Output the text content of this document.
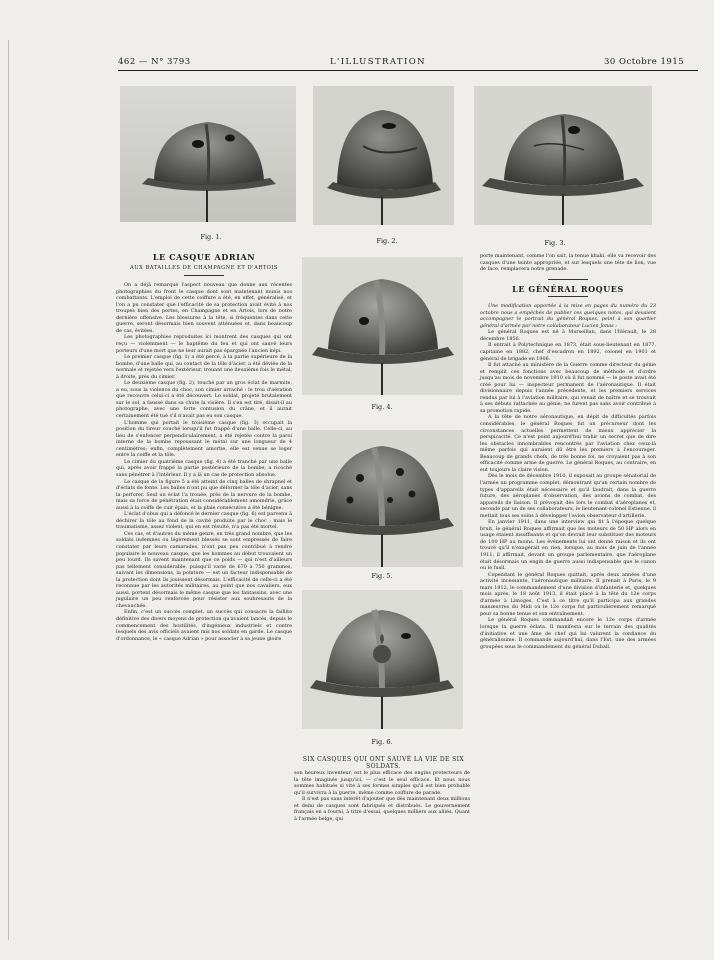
462 — N° 3793	L'ILLUSTRATION	30 Octobre 1915
Fig. 1.	Fig. 2.	Fig. 3.
Fig. 4.
Fig. 5.
Fig. 6.
SIX CASQUES QUI ONT SAUVÉ LA VIE DE SIX SOLDATS.
LE CASQUE ADRIAN
AUX BATAILLES DE CHAMPAGNE ET D'ARTOIS

On a déjà remarqué l'aspect nouveau que donne aux récentes photographies du front le casque dont sont maintenant munis nos combattants. L'emploi de cette coiffure a été, en effet, généralisé, et l'on a pu constater que l'efficacité de sa protection avait évité à nos troupes bien des pertes, en Champagne et en Artois, lors de notre dernière offensive. Les blessures à la tête, si fréquentes dans cette guerre, seront désormais bien souvent atténuées et, dans beaucoup de cas, évitées.

Les photographies reproduites ici montrent des casques qui ont reçu — violemment — le baptême du feu et qui ont sauvé leurs porteurs d'une mort que ne leur aurait pas épargnée l'ancien képi.

Le premier casque (fig. 1) a été percé, à la partie supérieure de la bombe, d'une balle qui, au contact de la tôle d'acier, a été déviée de la normale et rejetée vers l'extérieur, trouant une deuxième fois le métal, à droite, près du cimier.

Le deuxième casque (fig. 2), touché par un gros éclat de marmite, a eu, sous la violence du choc, son cimier arraché : le trou d'aération que recouvre celui-ci a été découvert. Le soldat, projeté brutalement sur le sol, a faussé dans sa chute la visière. Il s'en est tiré, disait-il au photographe, avec une forte contusion du crâne, et il aurait certainement été tué s'il n'avait pas eu son casque.

L'homme qui portait le troisième casque (fig. 3) occupait la position du tireur couché lorsqu'il fut frappé d'une balle. Celle-ci, au lieu de s'enfoncer perpendiculairement, a été rejetée contre la paroi interne de la bombe repoussant le métal sur une longueur de 4 centimètres; enfin, complètement amortie, elle est venue se loger entre la coiffe et la tôle.

Le cimier du quatrième casque (fig. 4) a été tranché par une balle qui, après avoir frappé la partie postérieure de la bombe, a ricoché sans pénétrer à l'intérieur. Il y a là un cas de protection absolue.

Le casque de la figure 5 a été atteint de cinq balles de shrapnel et d'éclats de fonte. Les balles n'ont pu que déformer la tôle d'acier, sans la perforer. Seul un éclat l'a trouée, près de la nervure de la bombe, mais sa force de pénétration était considérablement amoindrie, grâce aussi à la coiffe de cuir épais, et la plaie consécutive a été bénigne.

L'éclat d'obus qui a défoncé le dernier casque (fig. 6) est parvenu à déchirer la tôle au fond de la cavité produite par le choc ; mais le traumatisme, assez violent, qui en est résulté, n'a pas été mortel.

Ces cas, et d'autres du même genre, en très grand nombre, que les soldats indemnes ou légèrement blessés se sont empressés de faire constater par leurs camarades, n'ont pas peu contribué à rendre populaire le nouveau casque, que les hommes au début trouvaient un peu lourd. Ils savent maintenant que ce poids — qui n'est d'ailleurs pas tellement considérable, puisqu'il varie de 670 à 750 grammes, suivant les dimensions, la pointure — est un facteur indispensable de la protection dont ils jouissent désormais. L'efficacité de celle-ci a été reconnue par les autorités militaires, au point que nos cavaliers, eux aussi, portent désormais le même casque que les fantassins, avec une jugulaire un peu renforcée pour résister aux soubresauts de la chevauchée.

Enfin, c'est un succès complet, un succès qui consacre la faillite définitive des divers moyens de protection qu'avaient lancés, depuis le commencement des hostilités, d'ingénieux industriels et contre lesquels des avis officiels avaient mis nos soldats en garde. Le casque d'ordonnance, le « casque Adrian » pour associer à sa jeune gloire

son heureux inventeur, est le plus efficace des engins protecteurs de la tête imaginés jusqu'ici, — c'est le seul efficace. Et nous nous sommes habitués si vite à ses formes simples qu'il est bien probable qu'il survivra à la guerre, même comme coiffure de parade.

Il n'est pas sans intérêt d'ajouter que dès maintenant deux millions et demi de casques sont fabriqués et distribués. Le gouvernement français en a fourni, à titre d'essai, quelques milliers aux alliés. Quant à l'armée belge, qui

porte maintenant, comme l'on sait, la tenue khaki, elle va recevoir des casques d'une teinte appropriée, et sur lesquels une tête de lion, vue de face, remplacera notre grenade.

LE GÉNÉRAL ROQUES

Une modification apportée à la mise en pages du numéro du 23 octobre nous a empêchés de publier ces quelques notes, qui devaient accompagner le portrait du général Roques, peint à son quartier général d'armée par notre collaborateur Lucien Jonas :

Le général Roques est né à Marseillan, dans l'Hérault, le 28 décembre 1856.

Il entrait à Polytechnique en 1873, était sous-lieutenant en 1877, capitaine en 1882, chef d'escadron en 1892, colonel en 1901 et général de brigade en 1906.

Il fut attaché au ministère de la Guerre comme directeur du génie et remplit ces fonctions avec beaucoup de méthode et d'ordre jusqu'au mois de novembre 1910 où il fut nommé — le poste avait été créé pour lui — inspecteur permanent de l'aéronautique. Il était divisionnaire depuis l'année précédente, et les premiers services rendus par lui à l'aviation militaire, qui venait de naître et se trouvait à ses débuts rattachée au génie, ne furent pas sans avoir contribué à sa promotion rapide.

A la tête de notre aéronautique, en dépit de difficultés parfois considérables, le général Roques fut un précurseur dont les circonstances actuelles permettent de mieux apprécier la perspicacité. Ce n'est point aujourd'hui trahir un secret que de dire les obstacles innombrables rencontrés par l'aviation chez ceux-là même parfois qui auraient dû être les premiers à l'encourager. Beaucoup de grands chefs, de très bonne foi, ne croyaient pas à son efficacité comme arme de guerre. Le général Roques, au contraire, en eut toujours la claire vision.

Dès le mois de décembre 1910, il exposait au groupe sénatorial de l'armée un programme complet, démontrant qu'un certain nombre de types d'appareils était nécessaire et qu'il faudrait, dans la guerre future, des aéroplanes d'observation, des avions de combat, des appareils de liaison. Il prévoyait dès lors le combat d'aéroplanes et, secondé par un de ses collaborateurs, le lieutenant-colonel Estienne, il mettait tous ses soins à développer l'avion observateur d'artillerie.

En janvier 1911, dans une interview qui fit à l'époque quelque bruit, le général Roques affirmait que les moteurs de 50 HP alors en usage étaient insuffisants et qu'on devrait leur substituer des moteurs de 100 HP au moins. Les événements lui ont donné raison et ils ont trouvé qu'il n'exagérait en rien, lorsque, au mois de juin de l'année 1911, il affirmait, devant un groupe parlementaire, que l'aéroplane était désormais un engin de guerre aussi indispensable que le canon ou le fusil.

Cependant le général Roques quittait, après deux années d'une activité incessante, l'aéronautique militaire. Il prenait à Paris, le 9 mars 1912, le commandement d'une division d'infanterie et, quelques mois après, le 18 août 1913, il était placé à la tête du 12e corps d'armée à Limoges. C'est à ce titre qu'il participa aux grandes manœuvres du Midi où le 12e corps fut particulièrement remarqué pour sa bonne tenue et son entraînement.

Le général Roques commandait encore le 12e corps d'armée lorsque la guerre éclata. Il manifesta sur le terrain des qualités d'initiative et une âme de chef qui lui valurent la confiance du généralissime. Il commande aujourd'hui, dans l'Est, une des armées groupées sous le commandement du général Dubail.
